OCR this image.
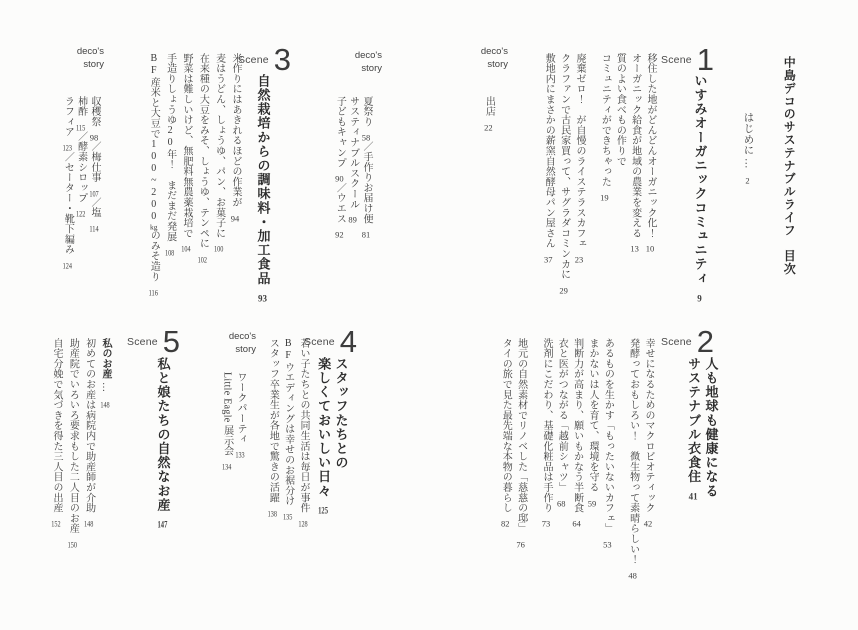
中島デコのサステナブルライフ　目次

はじめに…2

Scene 1

いすみオーガニックコミュニティ9

移住した地がどんどんオーガニック化！10

オーガニック給食が地域の農業を変える13

質のよい食べもの作りで

コミュニティができちゃった19

廃棄ゼロ！　が自慢のライステラスカフェ23

クラファンで古民家買って、サグラダコミンカに29

敷地内にまさかの薪窯自然酵母パン屋さん37

deco's
story

出店22

deco's
story

夏祭り58／手作りお届け便81

サスティナブルスクール89

子どもキャンプ90／ウエス92

Scene 3

自然栽培からの調味料・加工食品93

米作りにはあきれるほどの作業が94

麦はうどん、しょうゆ、パン、お菓子に100

在来種の大豆をみそ、しょうゆ、テンペに102

野菜は難しいけど、無肥料無農薬栽培で104

手造りしょうゆ20年！　まだまだ発展108

BF産米と大豆で100~200kgのみそ造り116

deco's
story

収穫祭98／梅仕事107／塩114

柿酢115／酵素シロップ122

ラフィア123／セーター・靴下編み124

Scene 2

人も地球も健康になる

サステナブル衣食住41

幸せになるためのマクロビオティック42

発酵っておもしろい！　微生物って素晴らしい！48

あるものを生かす「もったいないカフェ」53

まかないは人を育て、環境を守る59

判断力が高まり、願いもかなう半断食64

衣と医がつながる「越前シャツ」68

洗剤にこだわり、基礎化粧品は手作り73

地元の自然素材でリノベした「慈慈の邸」76

タイの旅で見た最先端な本物の暮らし82

Scene 4

スタッフたちとの

楽しくておいしい日々125

若い子たちとの共同生活は毎日が事件128

BFウエディングは幸せのお裾分け135

スタッフ卒業生が各地で驚きの活躍138

deco's
story

ワークパーティ133

Little Eagle 展示会134

Scene 5

私と娘たちの自然なお産147

私のお産…148

初めてのお産は病院内で助産師が介助148

助産院でいろいろ要求もした二人目のお産150

自宅分娩で気づきを得た三人目の出産152
